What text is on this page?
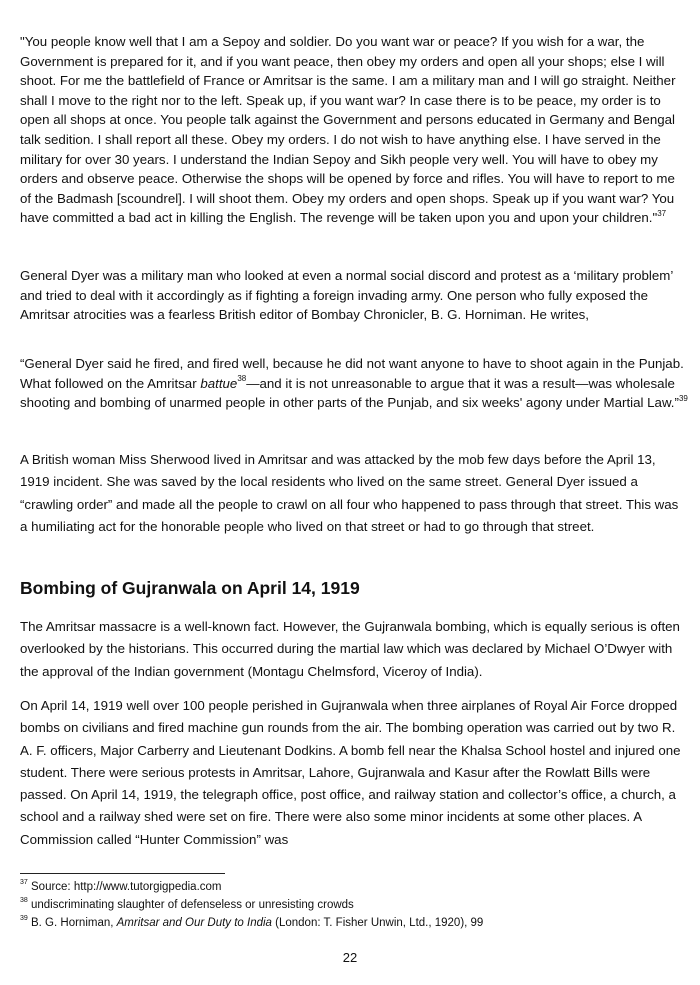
"You people know well that I am a Sepoy and soldier. Do you want war or peace? If you wish for a war, the Government is prepared for it, and if you want peace, then obey my orders and open all your shops; else I will shoot. For me the battlefield of France or Amritsar is the same. I am a military man and I will go straight. Neither shall I move to the right nor to the left. Speak up, if you want war? In case there is to be peace, my order is to open all shops at once. You people talk against the Government and persons educated in Germany and Bengal talk sedition. I shall report all these. Obey my orders. I do not wish to have anything else. I have served in the military for over 30 years. I understand the Indian Sepoy and Sikh people very well. You will have to obey my orders and observe peace. Otherwise the shops will be opened by force and rifles. You will have to report to me of the Badmash [scoundrel]. I will shoot them. Obey my orders and open shops. Speak up if you want war? You have committed a bad act in killing the English. The revenge will be taken upon you and upon your children."$^{37}$

General Dyer was a military man who looked at even a normal social discord and protest as a ‘military problem’ and tried to deal with it accordingly as if fighting a foreign invading army. One person who fully exposed the Amritsar atrocities was a fearless British editor of Bombay Chronicler, B. G. Horniman. He writes,

“General Dyer said he fired, and fired well, because he did not want anyone to have to shoot again in the Punjab. What followed on the Amritsar battue$^{38}$—and it is not unreasonable to argue that it was a result—was wholesale shooting and bombing of unarmed people in other parts of the Punjab, and six weeks' agony under Martial Law.”$^{39}$

A British woman Miss Sherwood lived in Amritsar and was attacked by the mob few days before the April 13, 1919 incident. She was saved by the local residents who lived on the same street. General Dyer issued a “crawling order” and made all the people to crawl on all four who happened to pass through that street. This was a humiliating act for the honorable people who lived on that street or had to go through that street.

Bombing of Gujranwala on April 14, 1919

The Amritsar massacre is a well-known fact. However, the Gujranwala bombing, which is equally serious is often overlooked by the historians. This occurred during the martial law which was declared by Michael O’Dwyer with the approval of the Indian government (Montagu Chelmsford, Viceroy of India).

On April 14, 1919 well over 100 people perished in Gujranwala when three airplanes of Royal Air Force dropped bombs on civilians and fired machine gun rounds from the air. The bombing operation was carried out by two R. A. F. officers, Major Carberry and Lieutenant Dodkins. A bomb fell near the Khalsa School hostel and injured one student. There were serious protests in Amritsar, Lahore, Gujranwala and Kasur after the Rowlatt Bills were passed. On April 14, 1919, the telegraph office, post office, and railway station and collector’s office, a church, a school and a railway shed were set on fire. There were also some minor incidents at some other places. A Commission called “Hunter Commission” was

$^{37}$ Source: http://www.tutorgigpedia.com
$^{38}$ undiscriminating slaughter of defenseless or unresisting crowds
$^{39}$ B. G. Horniman, Amritsar and Our Duty to India (London: T. Fisher Unwin, Ltd., 1920), 99
22
